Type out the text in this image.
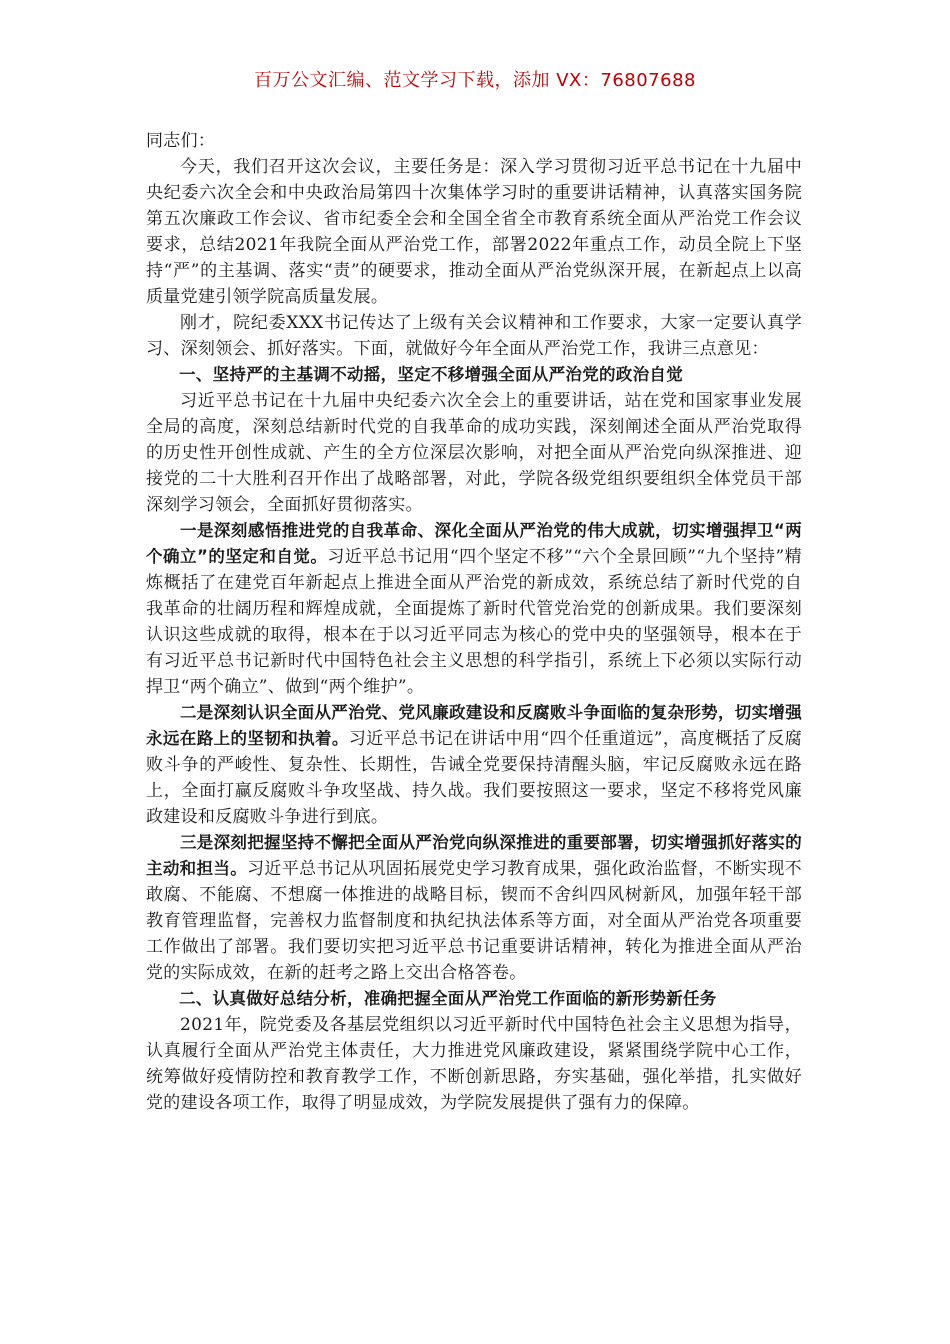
百万公文汇编、范文学习下载，添加 VX：76807688

同志们：

今天，我们召开这次会议，主要任务是：深入学习贯彻习近平总书记在十九届中央纪委六次全会和中央政治局第四十次集体学习时的重要讲话精神，认真落实国务院第五次廉政工作会议、省市纪委全会和全国全省全市教育系统全面从严治党工作会议要求，总结2021年我院全面从严治党工作，部署2022年重点工作，动员全院上下坚持“严”的主基调、落实“责”的硬要求，推动全面从严治党纵深开展，在新起点上以高质量党建引领学院高质量发展。

刚才，院纪委XXX书记传达了上级有关会议精神和工作要求，大家一定要认真学习、深刻领会、抓好落实。下面，就做好今年全面从严治党工作，我讲三点意见：

一、坚持严的主基调不动摇，坚定不移增强全面从严治党的政治自觉

习近平总书记在十九届中央纪委六次全会上的重要讲话，站在党和国家事业发展全局的高度，深刻总结新时代党的自我革命的成功实践，深刻阐述全面从严治党取得的历史性开创性成就、产生的全方位深层次影响，对把全面从严治党向纵深推进、迎接党的二十大胜利召开作出了战略部署，对此，学院各级党组织要组织全体党员干部深刻学习领会，全面抓好贯彻落实。

一是深刻感悟推进党的自我革命、深化全面从严治党的伟大成就，切实增强捍卫“两个确立”的坚定和自觉。习近平总书记用“四个坚定不移”“六个全景回顾”“九个坚持”精炼概括了在建党百年新起点上推进全面从严治党的新成效，系统总结了新时代党的自我革命的壮阔历程和辉煌成就，全面提炼了新时代管党治党的创新成果。我们要深刻认识这些成就的取得，根本在于以习近平同志为核心的党中央的坚强领导，根本在于有习近平总书记新时代中国特色社会主义思想的科学指引，系统上下必须以实际行动捍卫“两个确立”、做到“两个维护”。

二是深刻认识全面从严治党、党风廉政建设和反腐败斗争面临的复杂形势，切实增强永远在路上的坚韧和执着。习近平总书记在讲话中用“四个任重道远”，高度概括了反腐败斗争的严峻性、复杂性、长期性，告诫全党要保持清醒头脑，牢记反腐败永远在路上，全面打赢反腐败斗争攻坚战、持久战。我们要按照这一要求，坚定不移将党风廉政建设和反腐败斗争进行到底。

三是深刻把握坚持不懈把全面从严治党向纵深推进的重要部署，切实增强抓好落实的主动和担当。习近平总书记从巩固拓展党史学习教育成果，强化政治监督，不断实现不敢腐、不能腐、不想腐一体推进的战略目标，锲而不舍纠四风树新风，加强年轻干部教育管理监督，完善权力监督制度和执纪执法体系等方面，对全面从严治党各项重要工作做出了部署。我们要切实把习近平总书记重要讲话精神，转化为推进全面从严治党的实际成效，在新的赶考之路上交出合格答卷。

二、认真做好总结分析，准确把握全面从严治党工作面临的新形势新任务

2021年，院党委及各基层党组织以习近平新时代中国特色社会主义思想为指导，认真履行全面从严治党主体责任，大力推进党风廉政建设，紧紧围绕学院中心工作，统筹做好疫情防控和教育教学工作，不断创新思路，夯实基础，强化举措，扎实做好党的建设各项工作，取得了明显成效，为学院发展提供了强有力的保障。
